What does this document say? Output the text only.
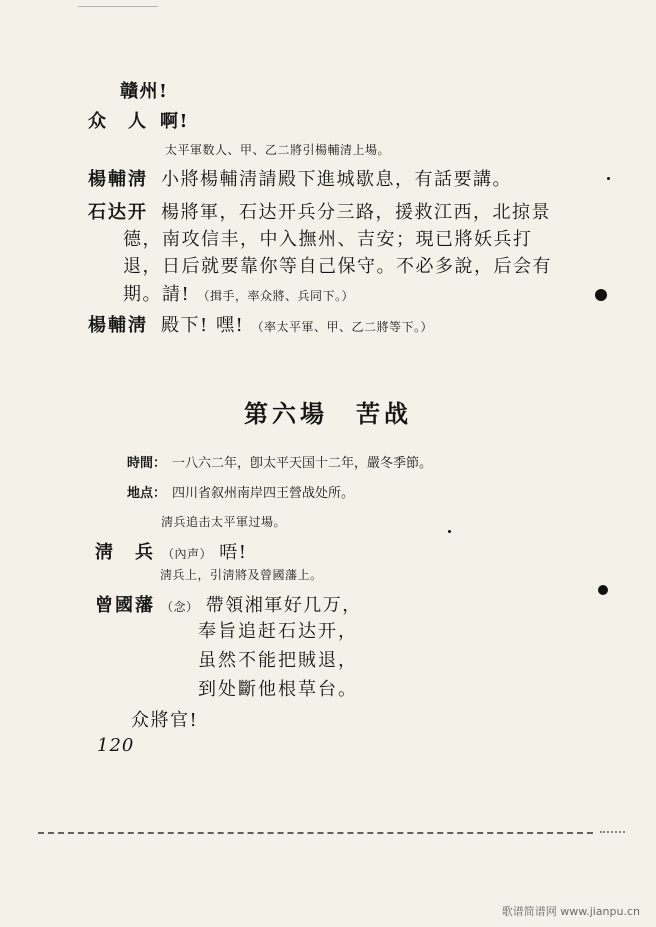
贛州!
众　人 啊!
太平軍数人、甲、乙二將引楊輔清上場。
楊輔淸 小將楊輔淸請殿下進城歇息，有話要講。
石达开 楊將軍，石达开兵分三路，援救江西，北掠景
德，南攻信丰，中入撫州、吉安；現已將妖兵打
退，日后就要靠你等自己保守。不必多說，后会有
期。請! （揖手，率众將、兵同下。）
楊輔淸 殿下! 嘿! （率太平軍、甲、乙二將等下。）
第六場　苦战
時間： 一八六二年，卽太平天国十二年，嚴冬季節。
地点： 四川省叙州南岸四王營战处所。
淸兵追击太平軍过場。
淸　兵 （內声） 唔!
淸兵上，引淸將及曾國藩上。
曾國藩 （念） 帶領湘軍好几万，
奉旨追赶石达开，
虽然不能把賊退，
到处斷他根草台。
众將官!
120
歌谱简谱网 www.jianpu.cn
